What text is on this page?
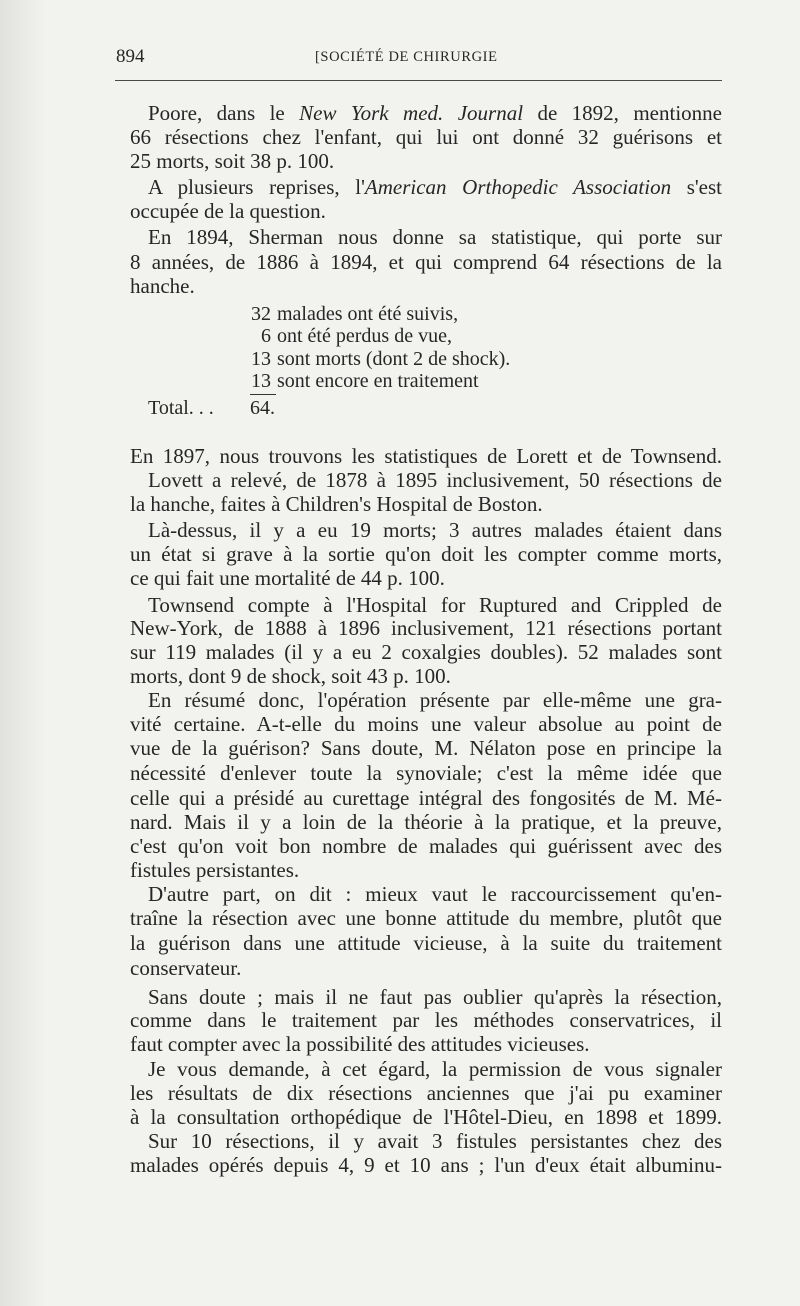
894	[SOCIÉTÉ DE CHIRURGIE
Poore, dans le New York med. Journal de 1892, mentionne
66 résections chez l'enfant, qui lui ont donné 32 guérisons et
25 morts, soit 38 p. 100.
A plusieurs reprises, l'American Orthopedic Association s'est
occupée de la question.
En 1894, Sherman nous donne sa statistique, qui porte sur
8 années, de 1886 à 1894, et qui comprend 64 résections de la
hanche.
32 malades ont été suivis,
6 ont été perdus de vue,
13 sont morts (dont 2 de shock).
13 sont encore en traitement
Total. . . 64.
En 1897, nous trouvons les statistiques de Lorett et de Townsend.
Lovett a relevé, de 1878 à 1895 inclusivement, 50 résections de
la hanche, faites à Children's Hospital de Boston.
Là-dessus, il y a eu 19 morts; 3 autres malades étaient dans
un état si grave à la sortie qu'on doit les compter comme morts,
ce qui fait une mortalité de 44 p. 100.
Townsend compte à l'Hospital for Ruptured and Crippled de
New-York, de 1888 à 1896 inclusivement, 121 résections portant
sur 119 malades (il y a eu 2 coxalgies doubles). 52 malades sont
morts, dont 9 de shock, soit 43 p. 100.
En résumé donc, l'opération présente par elle-même une gra-
vité certaine. A-t-elle du moins une valeur absolue au point de
vue de la guérison? Sans doute, M. Nélaton pose en principe la
nécessité d'enlever toute la synoviale; c'est la même idée que
celle qui a présidé au curettage intégral des fongosités de M. Mé-
nard. Mais il y a loin de la théorie à la pratique, et la preuve,
c'est qu'on voit bon nombre de malades qui guérissent avec des
fistules persistantes.
D'autre part, on dit : mieux vaut le raccourcissement qu'en-
traîne la résection avec une bonne attitude du membre, plutôt que
la guérison dans une attitude vicieuse, à la suite du traitement
conservateur.
Sans doute ; mais il ne faut pas oublier qu'après la résection,
comme dans le traitement par les méthodes conservatrices, il
faut compter avec la possibilité des attitudes vicieuses.
Je vous demande, à cet égard, la permission de vous signaler
les résultats de dix résections anciennes que j'ai pu examiner
à la consultation orthopédique de l'Hôtel-Dieu, en 1898 et 1899.
Sur 10 résections, il y avait 3 fistules persistantes chez des
malades opérés depuis 4, 9 et 10 ans ; l'un d'eux était albuminu-
